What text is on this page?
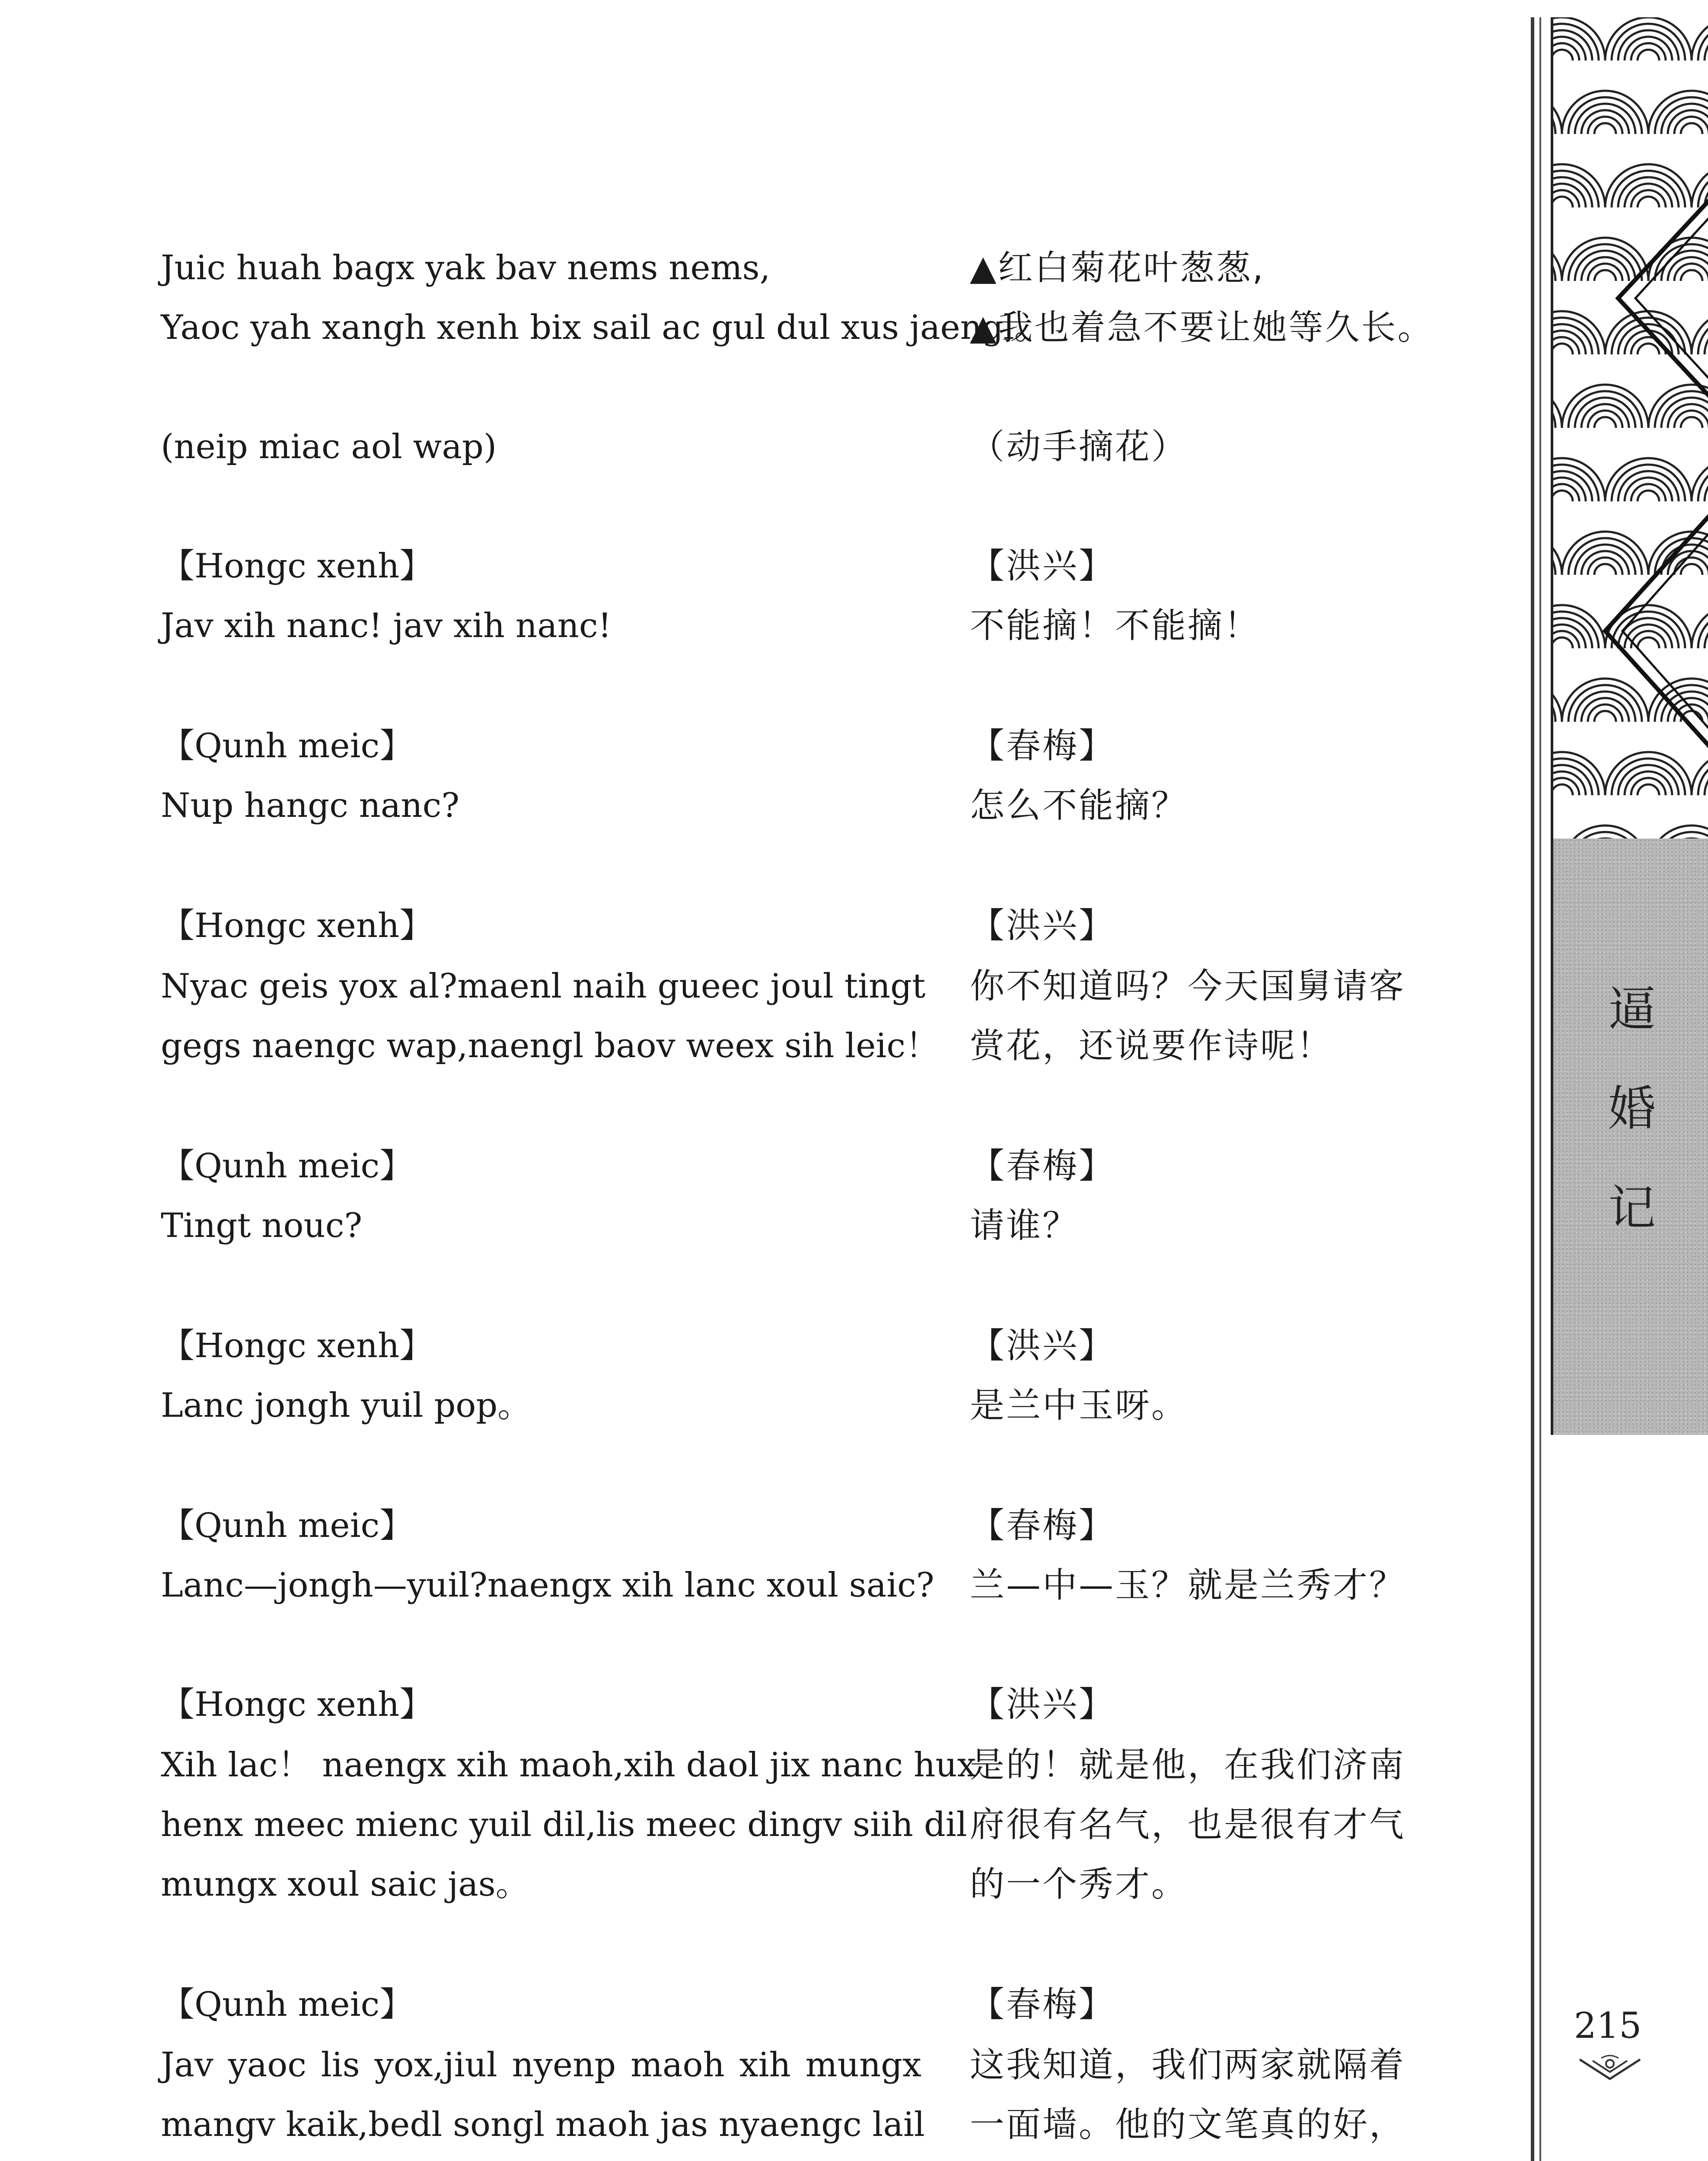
Juic huah bagx yak bav nems nems,
Yaoc yah xangh xenh bix sail ac gul dul xus jaengl。
(neip miac aol wap)
【Hongc xenh】
Jav xih nanc! jav xih nanc!
【Qunh meic】
Nup hangc nanc?
【Hongc xenh】
Nyac geis yox al?maenl naih gueec joul tingt
gegs naengc wap,naengl baov weex sih leic！
【Qunh meic】
Tingt nouc?
【Hongc xenh】
Lanc jongh yuil pop。
【Qunh meic】
Lanc—jongh—yuil?naengx xih lanc xoul saic?
【Hongc xenh】
Xih lac！ naengx xih maoh,xih daol jix nanc hux
henx meec mienc yuil dil,lis meec dingv siih dil
mungx xoul saic jas。
【Qunh meic】
Jav yaoc lis yox,jiul nyenp maoh xih mungx
mangv kaik,bedl songl maoh jas nyaengc lail
▲红白菊花叶葱葱,
▲我也着急不要让她等久长。
（动手摘花）
【洪兴】
不能摘！不能摘！
【春梅】
怎么不能摘？
【洪兴】
你不知道吗？今天国舅请客
赏花，还说要作诗呢！
【春梅】
请谁？
【洪兴】
是兰中玉呀。
【春梅】
兰—中—玉？就是兰秀才？
【洪兴】
是的！就是他，在我们济南
府很有名气，也是很有才气
的一个秀才。
【春梅】
这我知道，我们两家就隔着
一面墙。他的文笔真的好，
逼
婚
记
215
